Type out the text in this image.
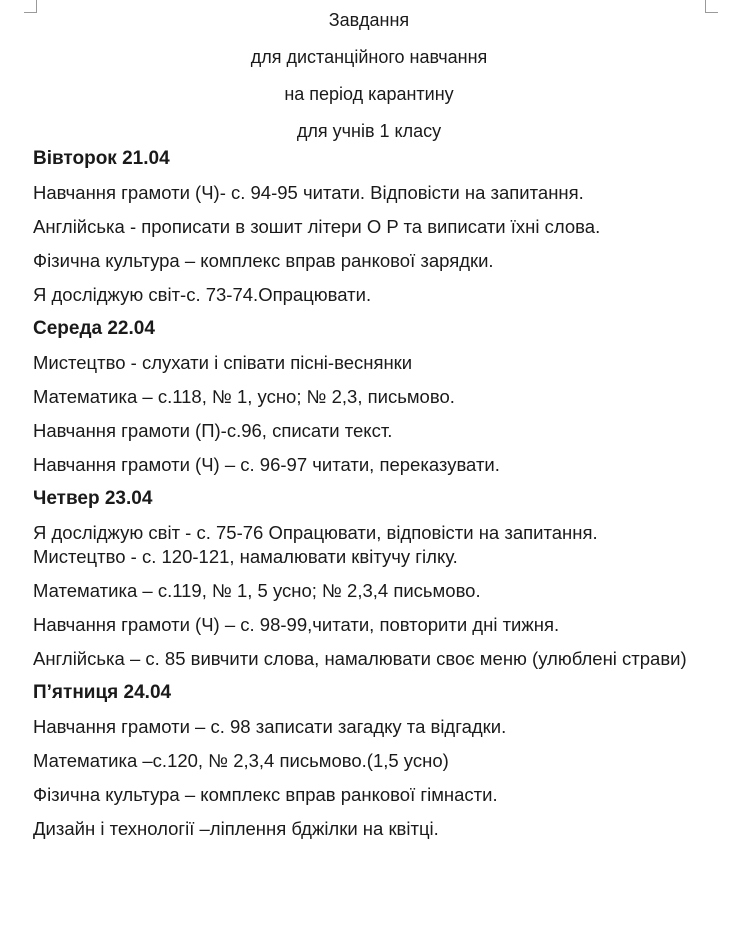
Завдання
для дистанційного навчання
на період карантину
для учнів 1 класу
Вівторок 21.04
Навчання грамоти (Ч)- с. 94-95 читати. Відповісти на запитання.
Англійська - прописати в зошит літери O P та виписати їхні слова.
Фізична культура – комплекс вправ ранкової зарядки.
Я досліджую світ-с. 73-74.Опрацювати.
Середа 22.04
Мистецтво - слухати і співати пісні-веснянки
Математика – с.118, № 1, усно; № 2,3, письмово.
Навчання грамоти (П)-с.96, списати текст.
Навчання грамоти (Ч) – с. 96-97 читати, переказувати.
Четвер 23.04
Я досліджую світ - с. 75-76 Опрацювати, відповісти на запитання.
Мистецтво - с. 120-121, намалювати квітучу гілку.
Математика – с.119, № 1, 5 усно; № 2,3,4 письмово.
Навчання грамоти (Ч) – с. 98-99,читати, повторити дні тижня.
Англійська – с. 85 вивчити слова, намалювати своє меню (улюблені страви)
П’ятниця 24.04
Навчання грамоти – с. 98 записати загадку та відгадки.
Математика –с.120, № 2,3,4 письмово.(1,5 усно)
Фізична культура – комплекс вправ ранкової гімнасти.
Дизайн і технології –ліплення бджілки на квітці.
